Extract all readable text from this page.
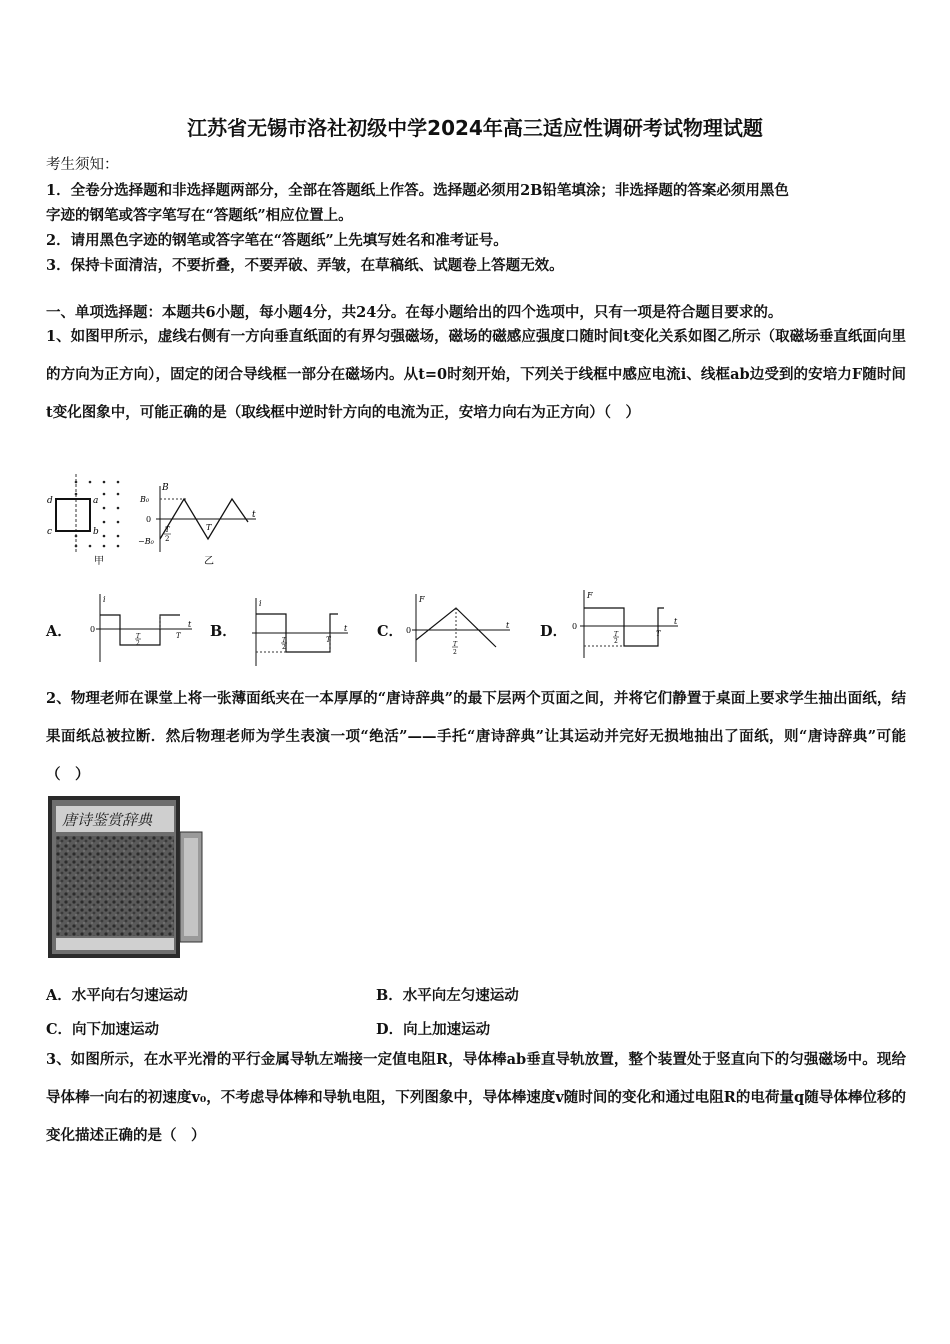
江苏省无锡市洛社初级中学2024年高三适应性调研考试物理试题
考生须知：
1．全卷分选择题和非选择题两部分，全部在答题纸上作答。选择题必须用2B铅笔填涂；非选择题的答案必须用黑色
字迹的钢笔或答字笔写在“答题纸”相应位置上。
2．请用黑色字迹的钢笔或答字笔在“答题纸”上先填写姓名和准考证号。
3．保持卡面清洁，不要折叠，不要弄破、弄皱，在草稿纸、试题卷上答题无效。
一、单项选择题：本题共6小题，每小题4分，共24分。在每小题给出的四个选项中，只有一项是符合题目要求的。
1、如图甲所示，虚线右侧有一方向垂直纸面的有界匀强磁场，磁场的磁感应强度口随时间t变化关系如图乙所示（取磁场垂直纸面向里的方向为正方向），固定的闭合导线框一部分在磁场内。从t=0时刻开始，下列关于线框中感应电流i、线框ab边受到的安培力F随时间t变化图象中，可能正确的是（取线框中逆时针方向的电流为正，安培力向右为正方向）（　）
d	a
c	b
甲
B
B₀
−B₀
0
T
2
T
t
乙
A．
i
0
T
2
T
t B．
i
T
2
T
t C．
F
0
T
2
t D．
F
0
T
2
T
t
2、物理老师在课堂上将一张薄面纸夹在一本厚厚的“唐诗辞典”的最下层两个页面之间，并将它们静置于桌面上要求学生抽出面纸，结果面纸总被拉断．然后物理老师为学生表演一项“绝活”——手托“唐诗辞典”让其运动并完好无损地抽出了面纸，则“唐诗辞典”可能（　）
唐诗鉴赏辞典
A．水平向右匀速运动	B．水平向左匀速运动
C．向下加速运动	D．向上加速运动
3、如图所示，在水平光滑的平行金属导轨左端接一定值电阻R，导体棒ab垂直导轨放置，整个装置处于竖直向下的匀强磁场中。现给导体棒一向右的初速度v₀，不考虑导体棒和导轨电阻，下列图象中，导体棒速度v随时间的变化和通过电阻R的电荷量q随导体棒位移的变化描述正确的是（　）
